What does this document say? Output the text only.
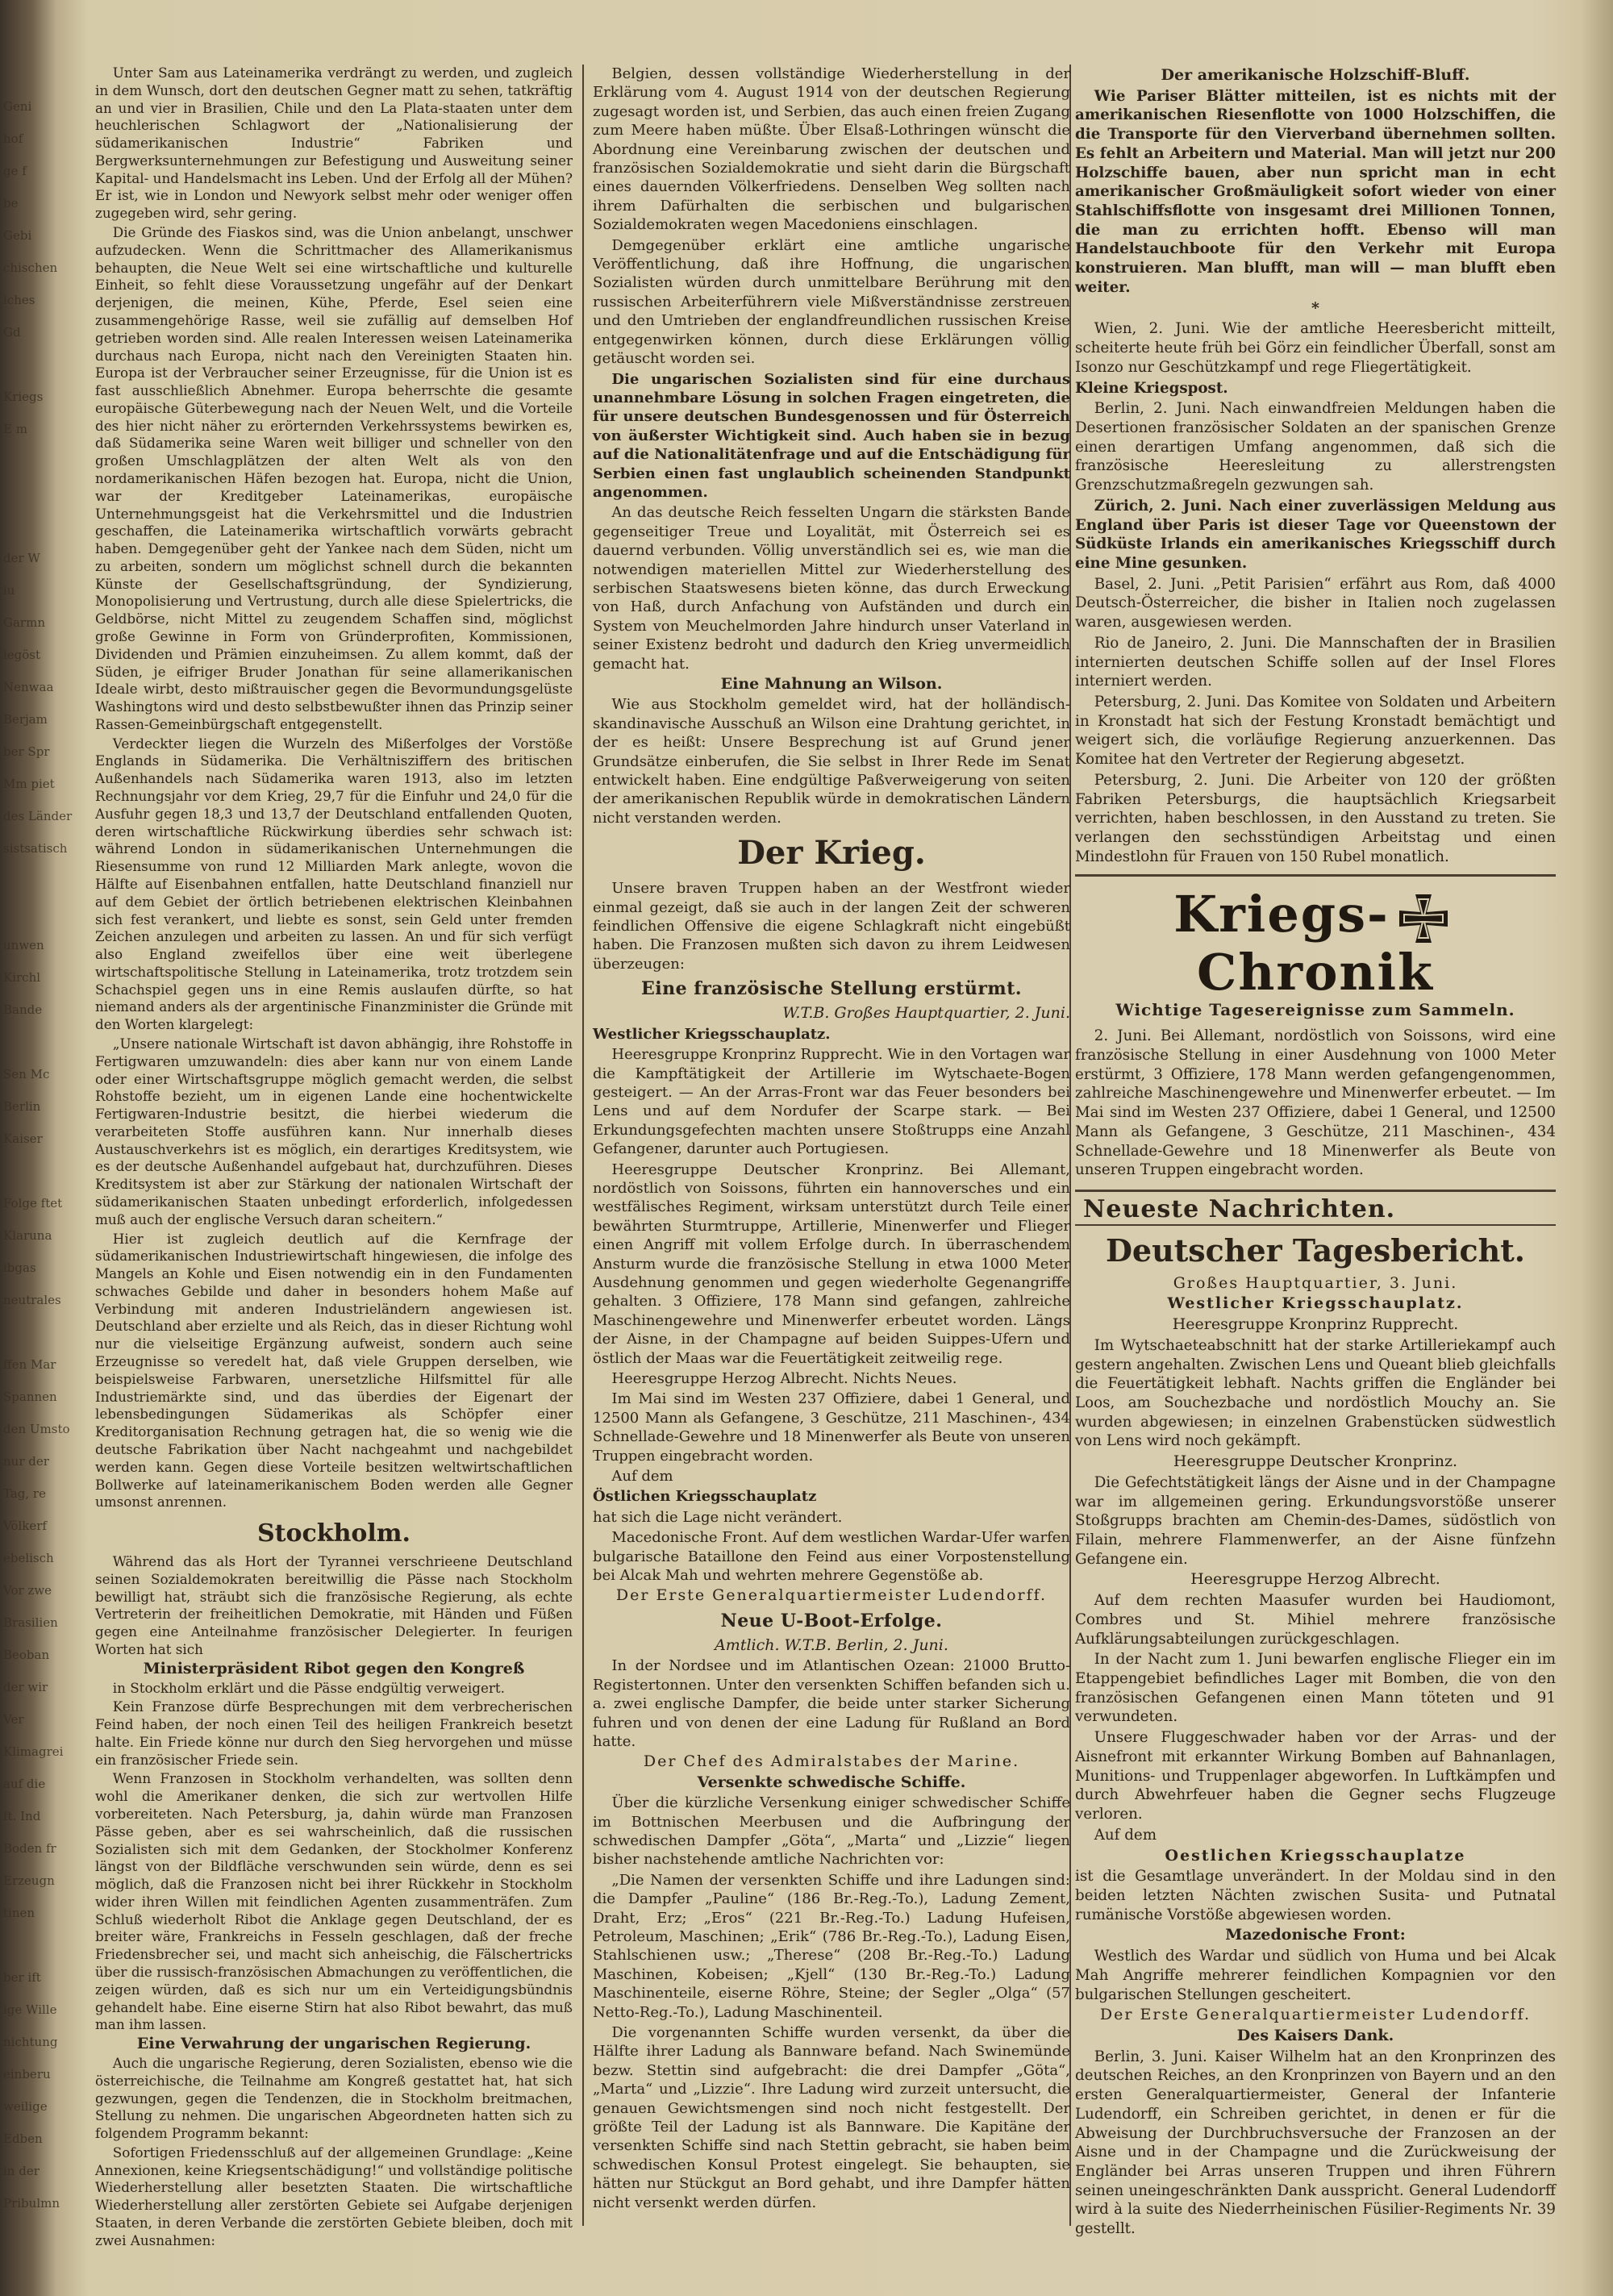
Geni
hof
ge f
be
Gebi
chischen
iches
Gd
Kriegs
E m
der W
iu
Garmn
iegöst
Nenwaa
Berjam
ber Spr
Mm piet
des Länder
sistsatisch
unwen
Kirchl
Bande
Sen Mc
Berlin
Kaiser
Folge ftet
Klaruna
ibgas
neutrales
ffen Mar
Spannen
den Umsto
nur der
Tag, re
Völkerf
ebelisch
Vor zwe
Brasilien
Beoban
der wir
Ver
Klimagrei
auf die
ft. Ind
Boden fr
Erzeugn
tinen
ber ift
ige Wille
nichtung
einberu
weilige
Edben
in der
Pribulmn

Unter Sam aus Lateinamerika verdrängt zu werden, und zugleich in dem Wunsch, dort den deutschen Gegner matt zu sehen, tatkräftig an und vier in Brasilien, Chile und den La Plata-staaten unter dem heuchlerischen Schlagwort der „Nationalisierung der südamerikanischen Industrie“ Fabriken und Bergwerksunternehmungen zur Befestigung und Ausweitung seiner Kapital- und Handelsmacht ins Leben. Und der Erfolg all der Mühen? Er ist, wie in London und Newyork selbst mehr oder weniger offen zugegeben wird, sehr gering.

Die Gründe des Fiaskos sind, was die Union anbelangt, unschwer aufzudecken. Wenn die Schrittmacher des Allamerikanismus behaupten, die Neue Welt sei eine wirtschaftliche und kulturelle Einheit, so fehlt diese Voraussetzung ungefähr auf der Denkart derjenigen, die meinen, Kühe, Pferde, Esel seien eine zusammengehörige Rasse, weil sie zufällig auf demselben Hof getrieben worden sind. Alle realen Interessen weisen Lateinamerika durchaus nach Europa, nicht nach den Vereinigten Staaten hin. Europa ist der Verbraucher seiner Erzeugnisse, für die Union ist es fast ausschließlich Abnehmer. Europa beherrschte die gesamte europäische Güterbewegung nach der Neuen Welt, und die Vorteile des hier nicht näher zu erörternden Verkehrssystems bewirken es, daß Südamerika seine Waren weit billiger und schneller von den großen Umschlagplätzen der alten Welt als von den nordamerikanischen Häfen bezogen hat. Europa, nicht die Union, war der Kreditgeber Lateinamerikas, europäische Unternehmungsgeist hat die Verkehrsmittel und die Industrien geschaffen, die Lateinamerika wirtschaftlich vorwärts gebracht haben. Demgegenüber geht der Yankee nach dem Süden, nicht um zu arbeiten, sondern um möglichst schnell durch die bekannten Künste der Gesellschaftsgründung, der Syndizierung, Monopolisierung und Vertrustung, durch alle diese Spielertricks, die Geldbörse, nicht Mittel zu zeugendem Schaffen sind, möglichst große Gewinne in Form von Gründerprofiten, Kommissionen, Dividenden und Prämien einzuheimsen. Zu allem kommt, daß der Süden, je eifriger Bruder Jonathan für seine allamerikanischen Ideale wirbt, desto mißtrauischer gegen die Bevormundungsgelüste Washingtons wird und desto selbstbewußter ihnen das Prinzip seiner Rassen-Gemeinbürgschaft entgegenstellt.

Verdeckter liegen die Wurzeln des Mißerfolges der Vorstöße Englands in Südamerika. Die Verhältnisziffern des britischen Außenhandels nach Südamerika waren 1913, also im letzten Rechnungsjahr vor dem Krieg, 29,7 für die Einfuhr und 24,0 für die Ausfuhr gegen 18,3 und 13,7 der Deutschland entfallenden Quoten, deren wirtschaftliche Rückwirkung überdies sehr schwach ist: während London in südamerikanischen Unternehmungen die Riesensumme von rund 12 Milliarden Mark anlegte, wovon die Hälfte auf Eisenbahnen entfallen, hatte Deutschland finanziell nur auf dem Gebiet der örtlich betriebenen elektrischen Kleinbahnen sich fest verankert, und liebte es sonst, sein Geld unter fremden Zeichen anzulegen und arbeiten zu lassen. An und für sich verfügt also England zweifellos über eine weit überlegene wirtschaftspolitische Stellung in Lateinamerika, trotz trotzdem sein Schachspiel gegen uns in eine Remis auslaufen dürfte, so hat niemand anders als der argentinische Finanzminister die Gründe mit den Worten klargelegt:

„Unsere nationale Wirtschaft ist davon abhängig, ihre Rohstoffe in Fertigwaren umzuwandeln: dies aber kann nur von einem Lande oder einer Wirtschaftsgruppe möglich gemacht werden, die selbst Rohstoffe bezieht, um in eigenen Lande eine hochentwickelte Fertigwaren-Industrie besitzt, die hierbei wiederum die verarbeiteten Stoffe ausführen kann. Nur innerhalb dieses Austauschverkehrs ist es möglich, ein derartiges Kreditsystem, wie es der deutsche Außenhandel aufgebaut hat, durchzuführen. Dieses Kreditsystem ist aber zur Stärkung der nationalen Wirtschaft der südamerikanischen Staaten unbedingt erforderlich, infolgedessen muß auch der englische Versuch daran scheitern.“

Hier ist zugleich deutlich auf die Kernfrage der südamerikanischen Industriewirtschaft hingewiesen, die infolge des Mangels an Kohle und Eisen notwendig ein in den Fundamenten schwaches Gebilde und daher in besonders hohem Maße auf Verbindung mit anderen Industrieländern angewiesen ist. Deutschland aber erzielte und als Reich, das in dieser Richtung wohl nur die vielseitige Ergänzung aufweist, sondern auch seine Erzeugnisse so veredelt hat, daß viele Gruppen derselben, wie beispielsweise Farbwaren, unersetzliche Hilfsmittel für alle Industriemärkte sind, und das überdies der Eigenart der lebensbedingungen Südamerikas als Schöpfer einer Kreditorganisation Rechnung getragen hat, die so wenig wie die deutsche Fabrikation über Nacht nachgeahmt und nachgebildet werden kann. Gegen diese Vorteile besitzen weltwirtschaftlichen Bollwerke auf lateinamerikanischem Boden werden alle Gegner umsonst anrennen.

Stockholm.

Während das als Hort der Tyrannei verschrieene Deutschland seinen Sozialdemokraten bereitwillig die Pässe nach Stockholm bewilligt hat, sträubt sich die französische Regierung, als echte Vertreterin der freiheitlichen Demokratie, mit Händen und Füßen gegen eine Anteilnahme französischer Delegierter. In feurigen Worten hat sich

Ministerpräsident Ribot gegen den Kongreß

in Stockholm erklärt und die Pässe endgültig verweigert.

Kein Franzose dürfe Besprechungen mit dem verbrecherischen Feind haben, der noch einen Teil des heiligen Frankreich besetzt halte. Ein Friede könne nur durch den Sieg hervorgehen und müsse ein französischer Friede sein.

Wenn Franzosen in Stockholm verhandelten, was sollten denn wohl die Amerikaner denken, die sich zur wertvollen Hilfe vorbereiteten. Nach Petersburg, ja, dahin würde man Franzosen Pässe geben, aber es sei wahrscheinlich, daß die russischen Sozialisten sich mit dem Gedanken, der Stockholmer Konferenz längst von der Bildfläche verschwunden sein würde, denn es sei möglich, daß die Franzosen nicht bei ihrer Rückkehr in Stockholm wider ihren Willen mit feindlichen Agenten zusammenträfen. Zum Schluß wiederholt Ribot die Anklage gegen Deutschland, der es breiter wäre, Frankreichs in Fesseln geschlagen, daß der freche Friedensbrecher sei, und macht sich anheischig, die Fälschertricks über die russisch-französischen Abmachungen zu veröffentlichen, die zeigen würden, daß es sich nur um ein Verteidigungsbündnis gehandelt habe. Eine eiserne Stirn hat also Ribot bewahrt, das muß man ihm lassen.

Eine Verwahrung der ungarischen Regierung.

Auch die ungarische Regierung, deren Sozialisten, ebenso wie die österreichische, die Teilnahme am Kongreß gestattet hat, hat sich gezwungen, gegen die Tendenzen, die in Stockholm breitmachen, Stellung zu nehmen. Die ungarischen Abgeordneten hatten sich zu folgendem Programm bekannt:

Sofortigen Friedensschluß auf der allgemeinen Grundlage: „Keine Annexionen, keine Kriegsentschädigung!“ und vollständige politische Wiederherstellung aller besetzten Staaten. Die wirtschaftliche Wiederherstellung aller zerstörten Gebiete sei Aufgabe derjenigen Staaten, in deren Verbande die zerstörten Gebiete bleiben, doch mit zwei Ausnahmen:

Belgien, dessen vollständige Wiederherstellung in der Erklärung vom 4. August 1914 von der deutschen Regierung zugesagt worden ist, und Serbien, das auch einen freien Zugang zum Meere haben müßte. Über Elsaß-Lothringen wünscht die Abordnung eine Vereinbarung zwischen der deutschen und französischen Sozialdemokratie und sieht darin die Bürgschaft eines dauernden Völkerfriedens. Denselben Weg sollten nach ihrem Dafürhalten die serbischen und bulgarischen Sozialdemokraten wegen Macedoniens einschlagen.

Demgegenüber erklärt eine amtliche ungarische Veröffentlichung, daß ihre Hoffnung, die ungarischen Sozialisten würden durch unmittelbare Berührung mit den russischen Arbeiterführern viele Mißverständnisse zerstreuen und den Umtrieben der englandfreundlichen russischen Kreise entgegenwirken können, durch diese Erklärungen völlig getäuscht worden sei.

Die ungarischen Sozialisten sind für eine durchaus unannehmbare Lösung in solchen Fragen eingetreten, die für unsere deutschen Bundesgenossen und für Österreich von äußerster Wichtigkeit sind. Auch haben sie in bezug auf die Nationalitätenfrage und auf die Entschädigung für Serbien einen fast unglaublich scheinenden Standpunkt angenommen.

An das deutsche Reich fesselten Ungarn die stärksten Bande gegenseitiger Treue und Loyalität, mit Österreich sei es dauernd verbunden. Völlig unverständlich sei es, wie man die notwendigen materiellen Mittel zur Wiederherstellung des serbischen Staatswesens bieten könne, das durch Erweckung von Haß, durch Anfachung von Aufständen und durch ein System von Meuchelmorden Jahre hindurch unser Vaterland in seiner Existenz bedroht und dadurch den Krieg unvermeidlich gemacht hat.

Eine Mahnung an Wilson.

Wie aus Stockholm gemeldet wird, hat der holländisch-skandinavische Ausschuß an Wilson eine Drahtung gerichtet, in der es heißt: Unsere Besprechung ist auf Grund jener Grundsätze einberufen, die Sie selbst in Ihrer Rede im Senat entwickelt haben. Eine endgültige Paßverweigerung von seiten der amerikanischen Republik würde in demokratischen Ländern nicht verstanden werden.

Der Krieg.

Unsere braven Truppen haben an der Westfront wieder einmal gezeigt, daß sie auch in der langen Zeit der schweren feindlichen Offensive die eigene Schlagkraft nicht eingebüßt haben. Die Franzosen mußten sich davon zu ihrem Leidwesen überzeugen:

Eine französische Stellung erstürmt.
W.T.B. Großes Hauptquartier, 2. Juni.
Westlicher Kriegsschauplatz.

Heeresgruppe Kronprinz Rupprecht. Wie in den Vortagen war die Kampftätigkeit der Artillerie im Wytschaete-Bogen gesteigert. — An der Arras-Front war das Feuer besonders bei Lens und auf dem Nordufer der Scarpe stark. — Bei Erkundungsgefechten machten unsere Stoßtrupps eine Anzahl Gefangener, darunter auch Portugiesen.

Heeresgruppe Deutscher Kronprinz. Bei Allemant, nordöstlich von Soissons, führten ein hannoversches und ein westfälisches Regiment, wirksam unterstützt durch Teile einer bewährten Sturmtruppe, Artillerie, Minenwerfer und Flieger einen Angriff mit vollem Erfolge durch. In überraschendem Ansturm wurde die französische Stellung in etwa 1000 Meter Ausdehnung genommen und gegen wiederholte Gegenangriffe gehalten. 3 Offiziere, 178 Mann sind gefangen, zahlreiche Maschinengewehre und Minenwerfer erbeutet worden. Längs der Aisne, in der Champagne auf beiden Suippes-Ufern und östlich der Maas war die Feuertätigkeit zeitweilig rege.

Heeresgruppe Herzog Albrecht. Nichts Neues.

Im Mai sind im Westen 237 Offiziere, dabei 1 General, und 12500 Mann als Gefangene, 3 Geschütze, 211 Maschinen-, 434 Schnellade-Gewehre und 18 Minenwerfer als Beute von unseren Truppen eingebracht worden.

Auf dem

Östlichen Kriegsschauplatz

hat sich die Lage nicht verändert.

Macedonische Front. Auf dem westlichen Wardar-Ufer warfen bulgarische Bataillone den Feind aus einer Vorpostenstellung bei Alcak Mah und wehrten mehrere Gegenstöße ab.

Der Erste Generalquartiermeister Ludendorff.
Neue U-Boot-Erfolge.
Amtlich. W.T.B. Berlin, 2. Juni.

In der Nordsee und im Atlantischen Ozean: 21000 Brutto-Registertonnen. Unter den versenkten Schiffen befanden sich u. a. zwei englische Dampfer, die beide unter starker Sicherung fuhren und von denen der eine Ladung für Rußland an Bord hatte.

Der Chef des Admiralstabes der Marine.
Versenkte schwedische Schiffe.

Über die kürzliche Versenkung einiger schwedischer Schiffe im Bottnischen Meerbusen und die Aufbringung der schwedischen Dampfer „Göta“, „Marta“ und „Lizzie“ liegen bisher nachstehende amtliche Nachrichten vor:

„Die Namen der versenkten Schiffe und ihre Ladungen sind: die Dampfer „Pauline“ (186 Br.-Reg.-To.), Ladung Zement, Draht, Erz; „Eros“ (221 Br.-Reg.-To.) Ladung Hufeisen, Petroleum, Maschinen; „Erik“ (786 Br.-Reg.-To.), Ladung Eisen, Stahlschienen usw.; „Therese“ (208 Br.-Reg.-To.) Ladung Maschinen, Kobeisen; „Kjell“ (130 Br.-Reg.-To.) Ladung Maschinenteile, eiserne Röhre, Steine; der Segler „Olga“ (57 Netto-Reg.-To.), Ladung Maschinenteil.

Die vorgenannten Schiffe wurden versenkt, da über die Hälfte ihrer Ladung als Bannware befand. Nach Swinemünde bezw. Stettin sind aufgebracht: die drei Dampfer „Göta“, „Marta“ und „Lizzie“. Ihre Ladung wird zurzeit untersucht, die genauen Gewichtsmengen sind noch nicht festgestellt. Der größte Teil der Ladung ist als Bannware. Die Kapitäne der versenkten Schiffe sind nach Stettin gebracht, sie haben beim schwedischen Konsul Protest eingelegt. Sie behaupten, sie hätten nur Stückgut an Bord gehabt, und ihre Dampfer hätten nicht versenkt werden dürfen.

Der amerikanische Holzschiff-Bluff.

Wie Pariser Blätter mitteilen, ist es nichts mit der amerikanischen Riesenflotte von 1000 Holzschiffen, die die Transporte für den Vierverband übernehmen sollten. Es fehlt an Arbeitern und Material. Man will jetzt nur 200 Holzschiffe bauen, aber nun spricht man in echt amerikanischer Großmäuligkeit sofort wieder von einer Stahlschiffsflotte von insgesamt drei Millionen Tonnen, die man zu errichten hofft. Ebenso will man Handelstauchboote für den Verkehr mit Europa konstruieren. Man blufft, man will — man blufft eben weiter.

*

Wien, 2. Juni. Wie der amtliche Heeresbericht mitteilt, scheiterte heute früh bei Görz ein feindlicher Überfall, sonst am Isonzo nur Geschützkampf und rege Fliegertätigkeit.

Kleine Kriegspost.

Berlin, 2. Juni. Nach einwandfreien Meldungen haben die Desertionen französischer Soldaten an der spanischen Grenze einen derartigen Umfang angenommen, daß sich die französische Heeresleitung zu allerstrengsten Grenzschutzmaßregeln gezwungen sah.

Zürich, 2. Juni. Nach einer zuverlässigen Meldung aus England über Paris ist dieser Tage vor Queenstown der Südküste Irlands ein amerikanisches Kriegsschiff durch eine Mine gesunken.

Basel, 2. Juni. „Petit Parisien“ erfährt aus Rom, daß 4000 Deutsch-Österreicher, die bisher in Italien noch zugelassen waren, ausgewiesen werden.

Rio de Janeiro, 2. Juni. Die Mannschaften der in Brasilien internierten deutschen Schiffe sollen auf der Insel Flores interniert werden.

Petersburg, 2. Juni. Das Komitee von Soldaten und Arbeitern in Kronstadt hat sich der Festung Kronstadt bemächtigt und weigert sich, die vorläufige Regierung anzuerkennen. Das Komitee hat den Vertreter der Regierung abgesetzt.

Petersburg, 2. Juni. Die Arbeiter von 120 der größten Fabriken Petersburgs, die hauptsächlich Kriegsarbeit verrichten, haben beschlossen, in den Ausstand zu treten. Sie verlangen den sechsstündigen Arbeitstag und einen Mindestlohn für Frauen von 150 Rubel monatlich.

Kriegs-Chronik
Wichtige Tagesereignisse zum Sammeln.

2. Juni. Bei Allemant, nordöstlich von Soissons, wird eine französische Stellung in einer Ausdehnung von 1000 Meter erstürmt, 3 Offiziere, 178 Mann werden gefangengenommen, zahlreiche Maschinengewehre und Minenwerfer erbeutet. — Im Mai sind im Westen 237 Offiziere, dabei 1 General, und 12500 Mann als Gefangene, 3 Geschütze, 211 Maschinen-, 434 Schnellade-Gewehre und 18 Minenwerfer als Beute von unseren Truppen eingebracht worden.

Neueste Nachrichten.
Deutscher Tagesbericht.
Großes Hauptquartier, 3. Juni.
Westlicher Kriegsschauplatz.
Heeresgruppe Kronprinz Rupprecht.

Im Wytschaeteabschnitt hat der starke Artilleriekampf auch gestern angehalten. Zwischen Lens und Queant blieb gleichfalls die Feuertätigkeit lebhaft. Nachts griffen die Engländer bei Loos, am Souchezbache und nordöstlich Mouchy an. Sie wurden abgewiesen; in einzelnen Grabenstücken südwestlich von Lens wird noch gekämpft.

Heeresgruppe Deutscher Kronprinz.

Die Gefechtstätigkeit längs der Aisne und in der Champagne war im allgemeinen gering. Erkundungsvorstöße unserer Stoßgrupps brachten am Chemin-des-Dames, südöstlich von Filain, mehrere Flammenwerfer, an der Aisne fünfzehn Gefangene ein.

Heeresgruppe Herzog Albrecht.

Auf dem rechten Maasufer wurden bei Haudiomont, Combres und St. Mihiel mehrere französische Aufklärungsabteilungen zurückgeschlagen.

In der Nacht zum 1. Juni bewarfen englische Flieger ein im Etappengebiet befindliches Lager mit Bomben, die von den französischen Gefangenen einen Mann töteten und 91 verwundeten.

Unsere Fluggeschwader haben vor der Arras- und der Aisnefront mit erkannter Wirkung Bomben auf Bahnanlagen, Munitions- und Truppenlager abgeworfen. In Luftkämpfen und durch Abwehrfeuer haben die Gegner sechs Flugzeuge verloren.

Auf dem

Oestlichen Kriegsschauplatze

ist die Gesamtlage unverändert. In der Moldau sind in den beiden letzten Nächten zwischen Susita- und Putnatal rumänische Vorstöße abgewiesen worden.

Mazedonische Front:

Westlich des Wardar und südlich von Huma und bei Alcak Mah Angriffe mehrerer feindlichen Kompagnien vor den bulgarischen Stellungen gescheitert.

Der Erste Generalquartiermeister Ludendorff.
Des Kaisers Dank.

Berlin, 3. Juni. Kaiser Wilhelm hat an den Kronprinzen des deutschen Reiches, an den Kronprinzen von Bayern und an den ersten Generalquartiermeister, General der Infanterie Ludendorff, ein Schreiben gerichtet, in denen er für die Abweisung der Durchbruchsversuche der Franzosen an der Aisne und in der Champagne und die Zurückweisung der Engländer bei Arras unseren Truppen und ihren Führern seinen uneingeschränkten Dank ausspricht. General Ludendorff wird à la suite des Niederrheinischen Füsilier-Regiments Nr. 39 gestellt.
